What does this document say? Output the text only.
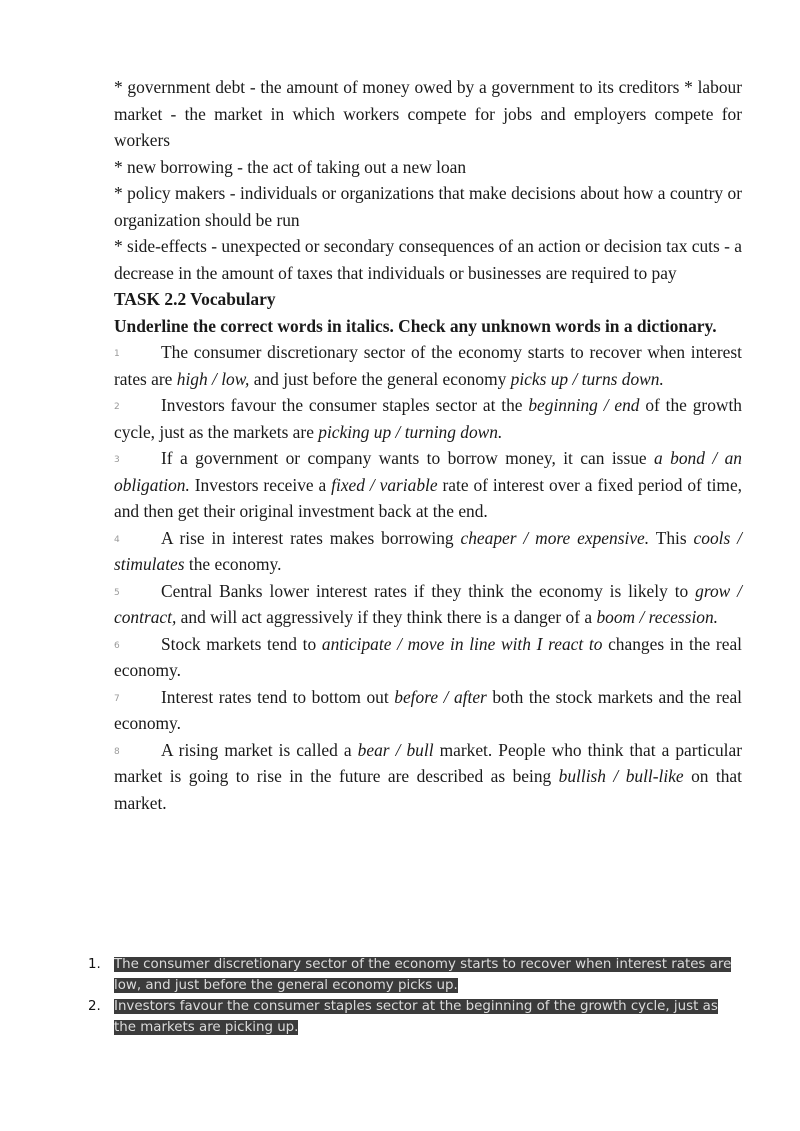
* government debt - the amount of money owed by a government to its creditors * labour market - the market in which workers compete for jobs and employers compete for workers

* new borrowing - the act of taking out a new loan

* policy makers - individuals or organizations that make decisions about how a country or organization should be run

* side-effects - unexpected or secondary consequences of an action or decision tax cuts - a decrease in the amount of taxes that individuals or businesses are required to pay

TASK 2.2 Vocabulary

Underline the correct words in italics. Check any unknown words in a dictionary.

1 The consumer discretionary sector of the economy starts to recover when interest rates are high / low, and just before the general economy picks up / turns down.

2 Investors favour the consumer staples sector at the beginning / end of the growth cycle, just as the markets are picking up / turning down.

3 If a government or company wants to borrow money, it can issue a bond / an obligation. Investors receive a fixed / variable rate of interest over a fixed period of time, and then get their original investment back at the end.

4 A rise in interest rates makes borrowing cheaper / more expensive. This cools / stimulates the economy.

5 Central Banks lower interest rates if they think the economy is likely to grow / contract, and will act aggressively if they think there is a danger of a boom / recession.

6 Stock markets tend to anticipate / move in line with I react to changes in the real economy.

7 Interest rates tend to bottom out before / after both the stock markets and the real economy.

8 A rising market is called a bear / bull market. People who think that a particular market is going to rise in the future are described as being bullish / bull-like on that market.

1. The consumer discretionary sector of the economy starts to recover when interest rates are low, and just before the general economy picks up.
2. Investors favour the consumer staples sector at the beginning of the growth cycle, just as the markets are picking up.
